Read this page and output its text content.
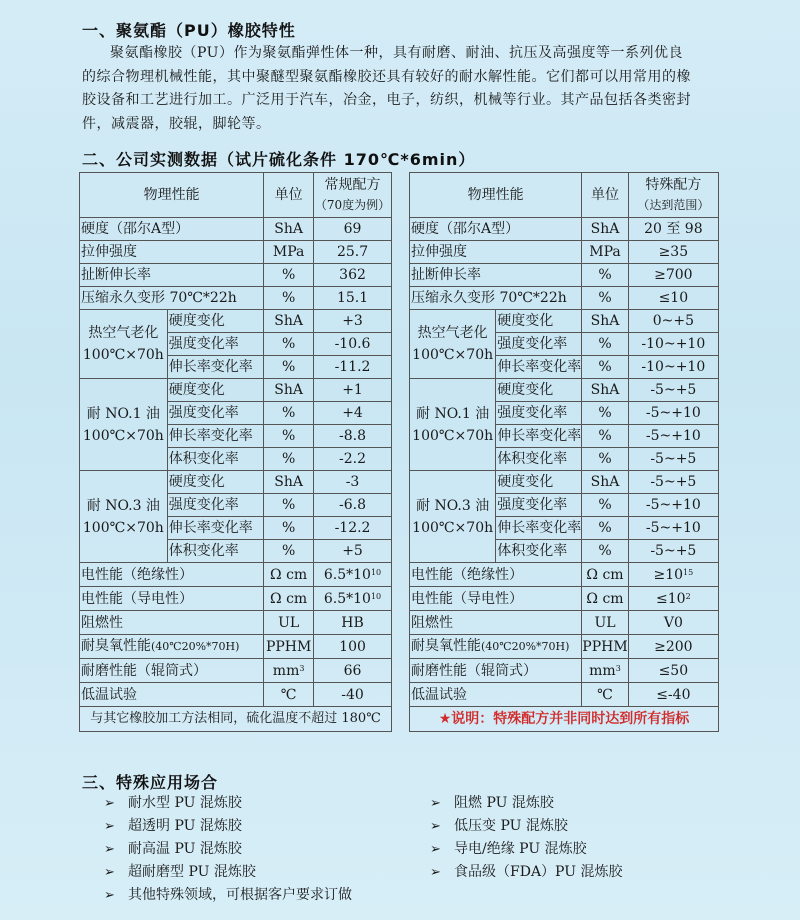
一、聚氨酯（PU）橡胶特性
聚氨酯橡胶（PU）作为聚氨酯弹性体一种，具有耐磨、耐油、抗压及高强度等一系列优良的综合物理机械性能，其中聚醚型聚氨酯橡胶还具有较好的耐水解性能。它们都可以用常用的橡胶设备和工艺进行加工。广泛用于汽车，冶金，电子，纺织，机械等行业。其产品包括各类密封件，减震器，胶辊，脚轮等。
二、公司实测数据（试片硫化条件 170℃*6min）
物理性能		单位	常规配方
（70度为例）

硬度（邵尔A型）		ShA	69
拉伸强度		MPa	25.7
扯断伸长率		%	362
压缩永久变形 70℃*22h		%	15.1

热空气老化
100℃×70h	硬度变化	ShA	+3
	强度变化率	%	-10.6
	伸长率变化率	%	-11.2

耐 NO.1 油
100℃×70h	硬度变化	ShA	+1
	强度变化率	%	+4
	伸长率变化率	%	-8.8
	体积变化率	%	-2.2

耐 NO.3 油
100℃×70h	硬度变化	ShA	-3
	强度变化率	%	-6.8
	伸长率变化率	%	-12.2
	体积变化率	%	+5
电性能（绝缘性）		Ω cm	$6.5*10^{10}$
电性能（导电性）		Ω cm	$6.5*10^{10}$
阻燃性		UL	HB
耐臭氧性能(40℃20%*70H)		PPHM	100
耐磨性能（辊筒式）		$mm^3$	66
低温试验		℃	-40
与其它橡胶加工方法相同，硫化温度不超过 180℃			
物理性能		单位	特殊配方
（达到范围）

硬度（邵尔A型）		ShA	20 至 98
拉伸强度		MPa	≥35
扯断伸长率		%	≥700
压缩永久变形 70℃*22h		%	≤10

热空气老化
100℃×70h	硬度变化	ShA	0~+5
	强度变化率	%	-10~+10
	伸长率变化率	%	-10~+10

耐 NO.1 油
100℃×70h	硬度变化	ShA	-5~+5
	强度变化率	%	-5~+10
	伸长率变化率	%	-5~+10
	体积变化率	%	-5~+5

耐 NO.3 油
100℃×70h	硬度变化	ShA	-5~+5
	强度变化率	%	-5~+10
	伸长率变化率	%	-5~+10
	体积变化率	%	-5~+5
电性能（绝缘性）		Ω cm	$\ge 10^{15}$
电性能（导电性）		Ω cm	$\le 10^2$
阻燃性		UL	V0
耐臭氧性能(40℃20%*70H)		PPHM	≥200
耐磨性能（辊筒式）		$mm^3$	≤50
低温试验		℃	≤-40
★说明：特殊配方并非同时达到所有指标			
三、特殊应用场合
➢ 耐水型 PU 混炼胶
➢ 超透明 PU 混炼胶
➢ 耐高温 PU 混炼胶
➢ 超耐磨型 PU 混炼胶
➢ 其他特殊领域，可根据客户要求订做
➢ 阻燃 PU 混炼胶
➢ 低压变 PU 混炼胶
➢ 导电/绝缘 PU 混炼胶
➢ 食品级（FDA）PU 混炼胶
